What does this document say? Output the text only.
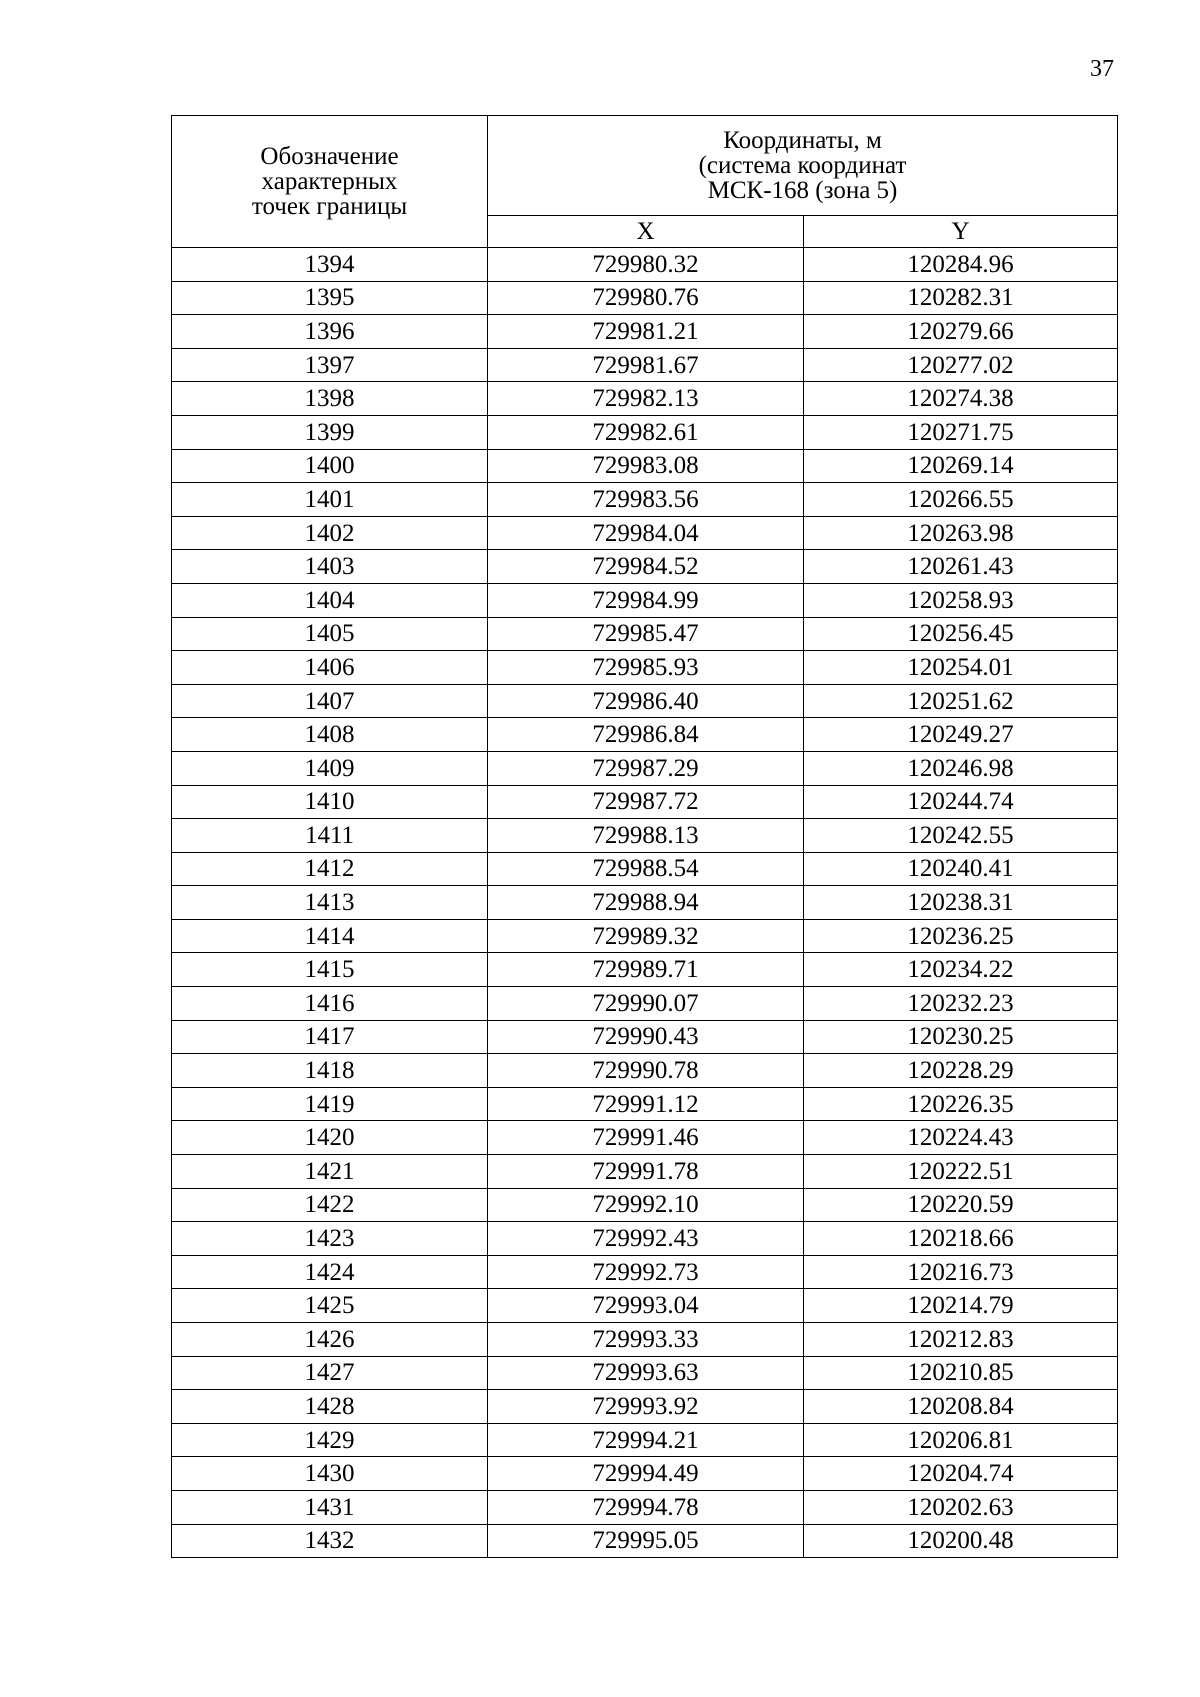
37
Обозначение
характерных
точек границы	Координаты, м
(система координат
МСК-168 (зона 5)	

	X	Y
1394	729980.32	120284.96
1395	729980.76	120282.31
1396	729981.21	120279.66
1397	729981.67	120277.02
1398	729982.13	120274.38
1399	729982.61	120271.75
1400	729983.08	120269.14
1401	729983.56	120266.55
1402	729984.04	120263.98
1403	729984.52	120261.43
1404	729984.99	120258.93
1405	729985.47	120256.45
1406	729985.93	120254.01
1407	729986.40	120251.62
1408	729986.84	120249.27
1409	729987.29	120246.98
1410	729987.72	120244.74
1411	729988.13	120242.55
1412	729988.54	120240.41
1413	729988.94	120238.31
1414	729989.32	120236.25
1415	729989.71	120234.22
1416	729990.07	120232.23
1417	729990.43	120230.25
1418	729990.78	120228.29
1419	729991.12	120226.35
1420	729991.46	120224.43
1421	729991.78	120222.51
1422	729992.10	120220.59
1423	729992.43	120218.66
1424	729992.73	120216.73
1425	729993.04	120214.79
1426	729993.33	120212.83
1427	729993.63	120210.85
1428	729993.92	120208.84
1429	729994.21	120206.81
1430	729994.49	120204.74
1431	729994.78	120202.63
1432	729995.05	120200.48
